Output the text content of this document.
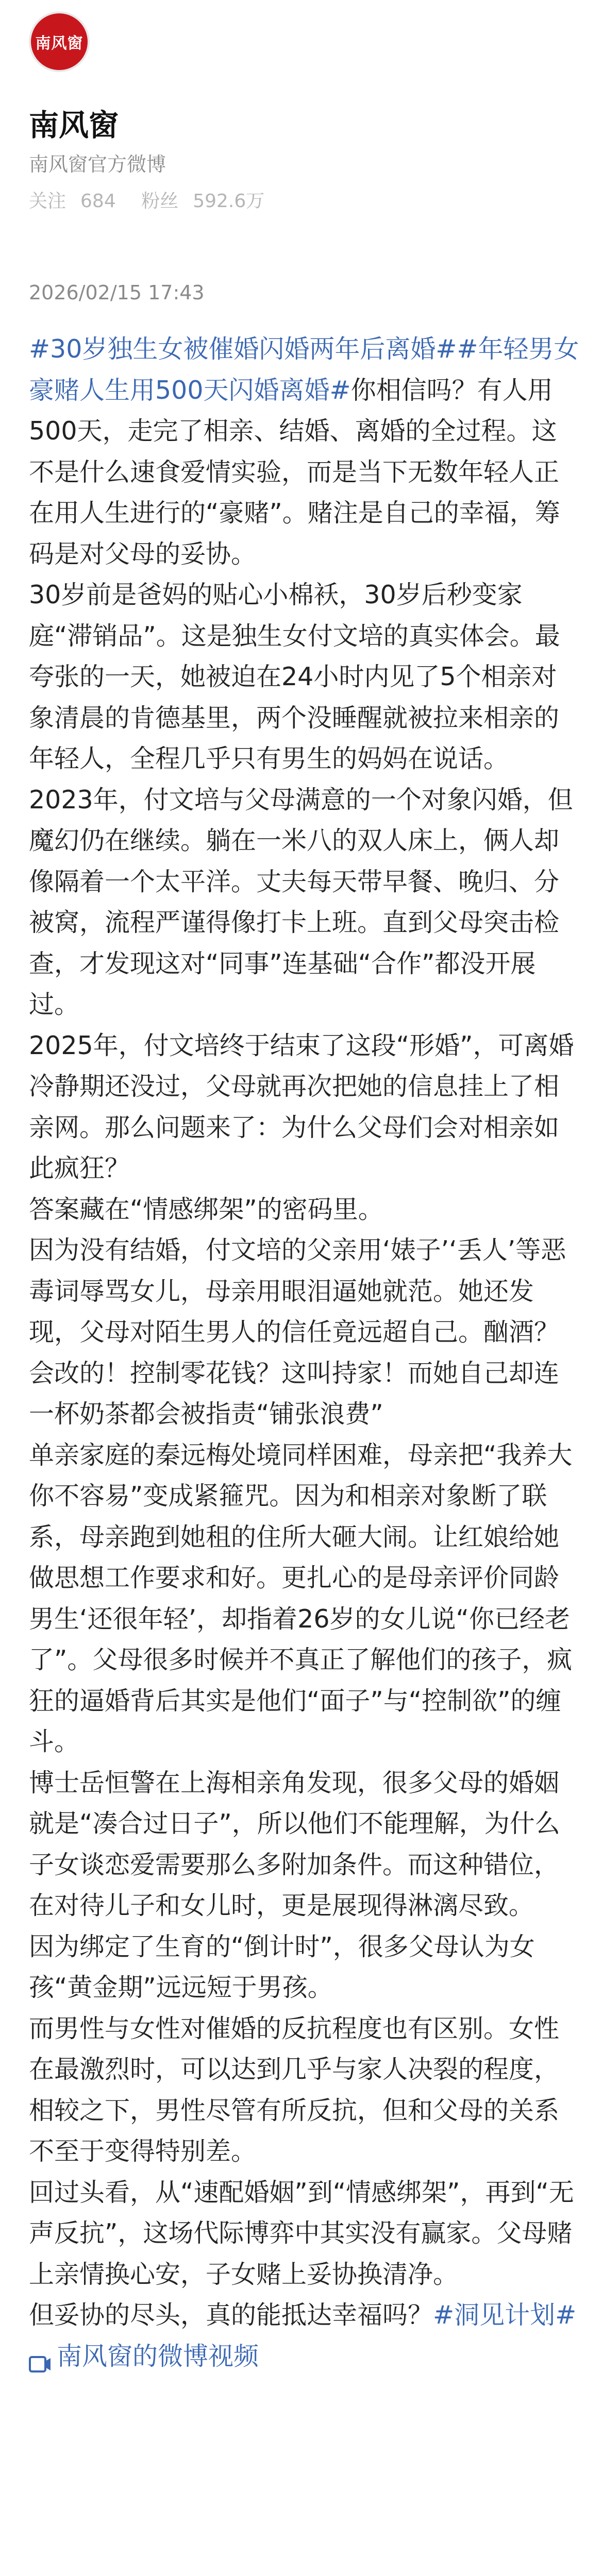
南风窗
南风窗
南风窗官方微博
关注 684 粉丝 592.6万
2026/02/15 17:43

#30岁独生女被催婚闪婚两年后离婚##年轻男女豪赌人生用500天闪婚离婚#你相信吗？有人用500天，走完了相亲、结婚、离婚的全过程。这不是什么速食爱情实验，而是当下无数年轻人正在用人生进行的“豪赌”。赌注是自己的幸福，筹码是对父母的妥协。

30岁前是爸妈的贴心小棉袄，30岁后秒变家庭“滞销品”。这是独生女付文培的真实体会。最夸张的一天，她被迫在24小时内见了5个相亲对象清晨的肯德基里，两个没睡醒就被拉来相亲的年轻人，全程几乎只有男生的妈妈在说话。

2023年，付文培与父母满意的一个对象闪婚，但魔幻仍在继续。躺在一米八的双人床上，俩人却像隔着一个太平洋。丈夫每天带早餐、晚归、分被窝，流程严谨得像打卡上班。直到父母突击检查，才发现这对“同事”连基础“合作”都没开展过。

2025年，付文培终于结束了这段“形婚”，可离婚冷静期还没过，父母就再次把她的信息挂上了相亲网。那么问题来了：为什么父母们会对相亲如此疯狂？

答案藏在“情感绑架”的密码里。

因为没有结婚，付文培的父亲用‘婊子’‘丢人’等恶毒词辱骂女儿，母亲用眼泪逼她就范。她还发现，父母对陌生男人的信任竟远超自己。酗酒？会改的！控制零花钱？这叫持家！而她自己却连一杯奶茶都会被指责“铺张浪费”

单亲家庭的秦远梅处境同样困难，母亲把“我养大你不容易”变成紧箍咒。因为和相亲对象断了联系，母亲跑到她租的住所大砸大闹。让红娘给她做思想工作要求和好。更扎心的是母亲评价同龄男生‘还很年轻’，却指着26岁的女儿说“你已经老了”。父母很多时候并不真正了解他们的孩子，疯狂的逼婚背后其实是他们“面子”与“控制欲”的缠斗。

博士岳恒警在上海相亲角发现，很多父母的婚姻就是“凑合过日子”，所以他们不能理解，为什么子女谈恋爱需要那么多附加条件。而这种错位，在对待儿子和女儿时，更是展现得淋漓尽致。

因为绑定了生育的“倒计时”，很多父母认为女孩“黄金期”远远短于男孩。

而男性与女性对催婚的反抗程度也有区别。女性在最激烈时，可以达到几乎与家人决裂的程度，相较之下，男性尽管有所反抗，但和父母的关系不至于变得特别差。

回过头看，从“速配婚姻”到“情感绑架”，再到“无声反抗”，这场代际博弈中其实没有赢家。父母赌上亲情换心安，子女赌上妥协换清净。

但妥协的尽头，真的能抵达幸福吗？#洞见计划#

南风窗的微博视频
